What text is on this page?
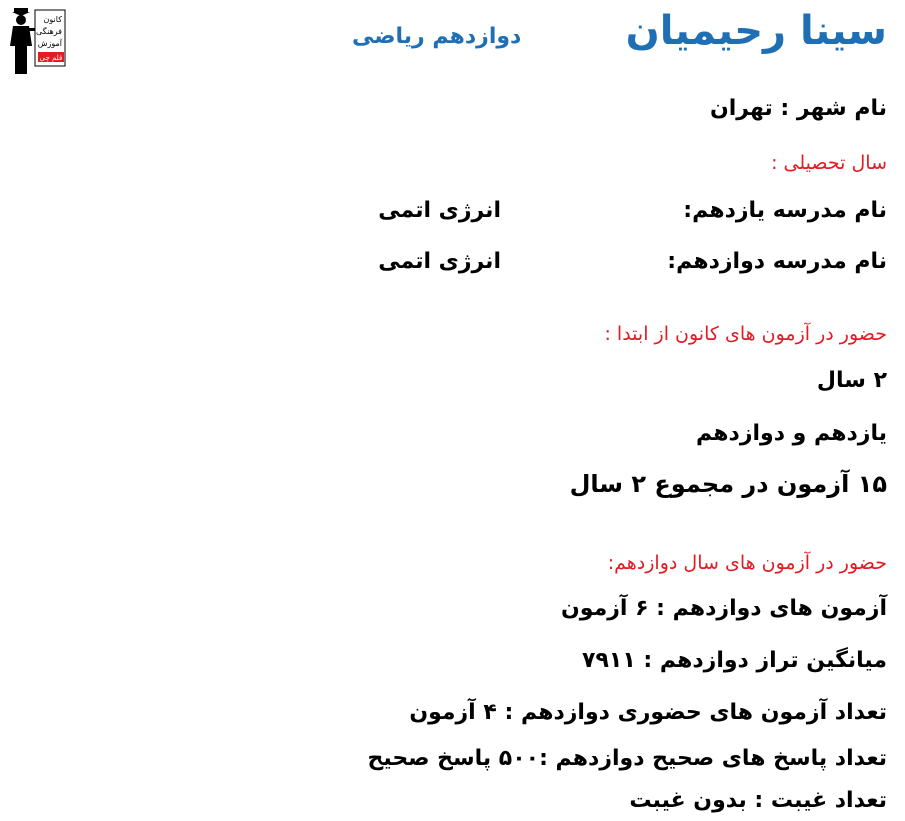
کانون
فرهنگی
آموزش
قلم چی
سینا رحیمیان
دوازدهم ریاضی
نام شهر : تهران
سال تحصیلی :
نام مدرسه یازدهم:
انرژی اتمی
نام مدرسه دوازدهم:
انرژی اتمی
حضور در آزمون های کانون از ابتدا :
۲ سال
یازدهم و دوازدهم
۱۵ آزمون در مجموع ۲ سال
حضور در آزمون های سال دوازدهم:
آزمون های دوازدهم : ۶ آزمون
میانگین تراز دوازدهم : ۷۹۱۱
تعداد آزمون های حضوری دوازدهم : ۴ آزمون
تعداد پاسخ های صحیح دوازدهم :۵۰۰ پاسخ صحیح
تعداد غیبت : بدون غیبت
